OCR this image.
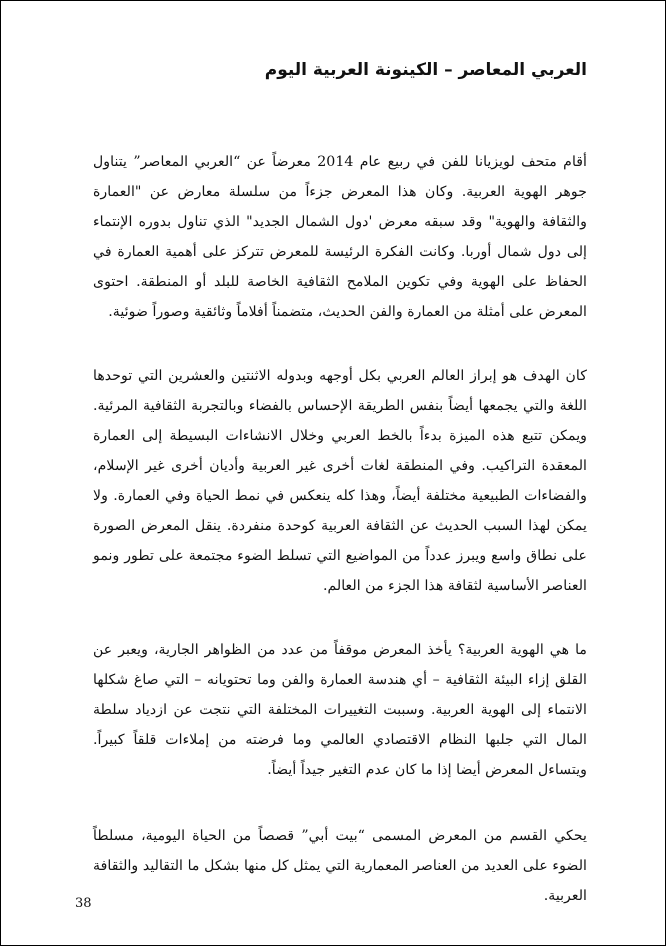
العربي المعاصر – الكينونة العربية اليوم

أقام متحف لويزيانا للفن في ربيع عام 2014 معرضاً عن “العربي المعاصر” يتناول جوهر الهوية العربية. وكان هذا المعرض جزءاً من سلسلة معارض عن "العمارة والثقافة والهوية" وقد سبقه معرض 'دول الشمال الجديد" الذي تناول بدوره الإنتماء إلى دول شمال أوربا. وكانت الفكرة الرئيسة للمعرض تتركز على أهمية العمارة في الحفاظ على الهوية وفي تكوين الملامح الثقافية الخاصة للبلد أو المنطقة. احتوى المعرض على أمثلة من العمارة والفن الحديث، متضمناً أفلاماً وثائقية وصوراً ضوئية.

كان الهدف هو إبراز العالم العربي بكل أوجهه وبدوله الاثنتين والعشرين التي توحدها اللغة والتي يجمعها أيضاً بنفس الطريقة الإحساس بالفضاء وبالتجربة الثقافية المرئية. ويمكن تتبع هذه الميزة بدءاً بالخط العربي وخلال الانشاءات البسيطة إلى العمارة المعقدة التراكيب. وفي المنطقة لغات أخرى غير العربية وأديان أخرى غير الإسلام، والفضاءات الطبيعية مختلفة أيضاً، وهذا كله ينعكس في نمط الحياة وفي العمارة. ولا يمكن لهذا السبب الحديث عن الثقافة العربية كوحدة منفردة. ينقل المعرض الصورة على نطاق واسع ويبرز عدداً من المواضيع التي تسلط الضوء مجتمعة على تطور ونمو العناصر الأساسية لثقافة هذا الجزء من العالم.

ما هي الهوية العربية؟ يأخذ المعرض موقفاً من عدد من الظواهر الجارية، ويعبر عن القلق إزاء البيئة الثقافية – أي هندسة العمارة والفن وما تحتويانه – التي صاغ شكلها الانتماء إلى الهوية العربية. وسببت التغييرات المختلفة التي نتجت عن ازدياد سلطة المال التي جلبها النظام الاقتصادي العالمي وما فرضته من إملاءات قلقاً كبيراً. ويتساءل المعرض أيضا إذا ما كان عدم التغير جيداً أيضاً.

يحكي القسم من المعرض المسمى “بيت أبي” قصصاً من الحياة اليومية، مسلطاً الضوء على العديد من العناصر المعمارية التي يمثل كل منها بشكل ما التقاليد والثقافة العربية.

38
